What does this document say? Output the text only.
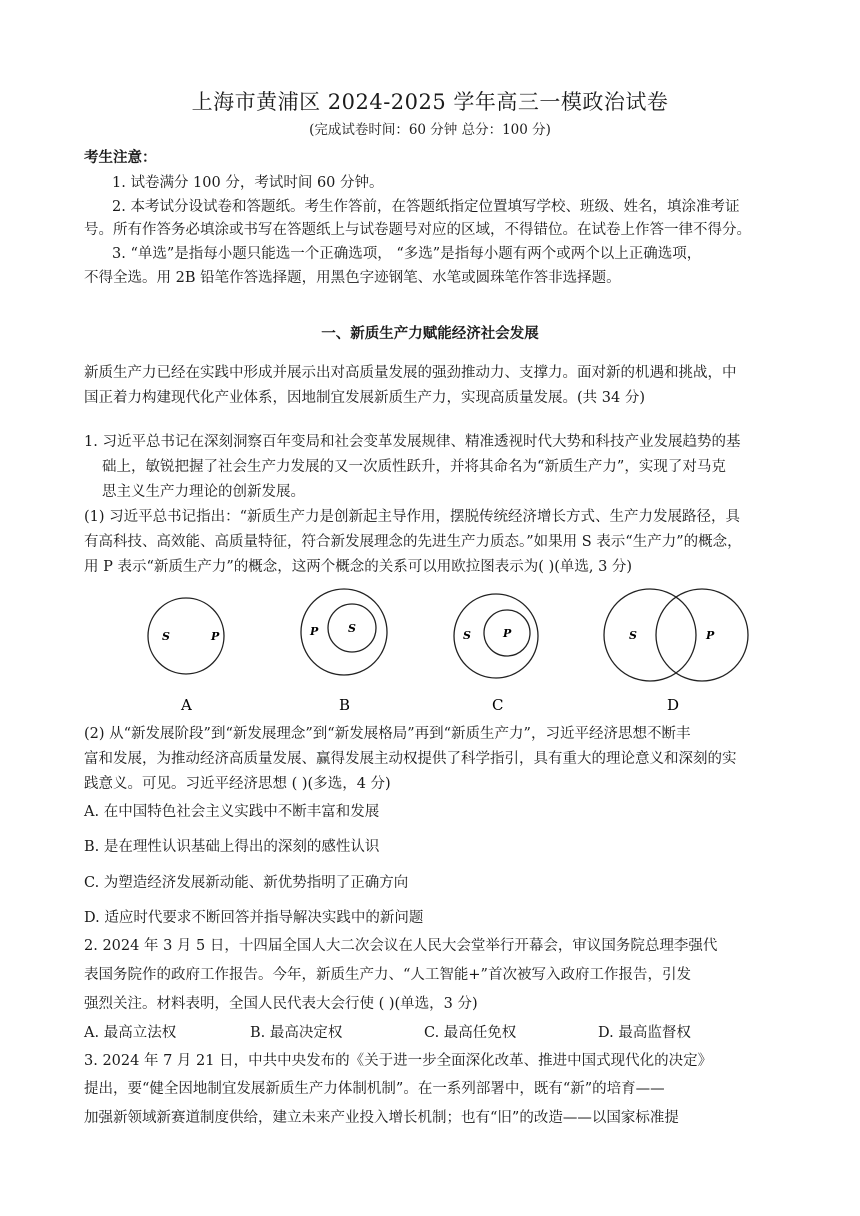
上海市黄浦区 2024-2025 学年高三一模政治试卷
(完成试卷时间：60 分钟 总分：100 分)
考生注意：
1. 试卷满分 100 分，考试时间 60 分钟。
2. 本考试分设试卷和答题纸。考生作答前，在答题纸指定位置填写学校、班级、姓名，填涂准考证
号。所有作答务必填涂或书写在答题纸上与试卷题号对应的区域，不得错位。在试卷上作答一律不得分。
3. “单选”是指每小题只能选一个正确选项， “多选”是指每小题有两个或两个以上正确选项，
不得全选。用 2B 铅笔作答选择题，用黑色字迹钢笔、水笔或圆珠笔作答非选择题。
一、新质生产力赋能经济社会发展
新质生产力已经在实践中形成并展示出对高质量发展的强劲推动力、支撑力。面对新的机遇和挑战，中
国正着力构建现代化产业体系，因地制宜发展新质生产力，实现高质量发展。(共 34 分)
1. 习近平总书记在深刻洞察百年变局和社会变革发展规律、精准透视时代大势和科技产业发展趋势的基
础上，敏锐把握了社会生产力发展的又一次质性跃升，并将其命名为“新质生产力”，实现了对马克
思主义生产力理论的创新发展。
(1) 习近平总书记指出：“新质生产力是创新起主导作用，摆脱传统经济增长方式、生产力发展路径，具
有高科技、高效能、高质量特征，符合新发展理念的先进生产力质态。”如果用 S 表示“生产力”的概念，
用 P 表示“新质生产力”的概念，这两个概念的关系可以用欧拉图表示为( )(单选, 3 分)
S	P
A
S
P
B
S	P
C
S	P
D
(2) 从“新发展阶段”到“新发展理念”到“新发展格局”再到“新质生产力”，习近平经济思想不断丰
富和发展，为推动经济高质量发展、赢得发展主动权提供了科学指引，具有重大的理论意义和深刻的实
践意义。可见。习近平经济思想 ( )(多选，4 分)
A. 在中国特色社会主义实践中不断丰富和发展
B. 是在理性认识基础上得出的深刻的感性认识
C. 为塑造经济发展新动能、新优势指明了正确方向
D. 适应时代要求不断回答并指导解决实践中的新问题
2. 2024 年 3 月 5 日，十四届全国人大二次会议在人民大会堂举行开幕会，审议国务院总理李强代
表国务院作的政府工作报告。今年，新质生产力、“人工智能+”首次被写入政府工作报告，引发
强烈关注。材料表明，全国人民代表大会行使 ( )(单选，3 分)
A. 最高立法权	B. 最高决定权	C. 最高任免权	D. 最高监督权
3. 2024 年 7 月 21 日，中共中央发布的《关于进一步全面深化改革、推进中国式现代化的决定》
提出，要“健全因地制宜发展新质生产力体制机制”。在一系列部署中，既有“新”的培育——
加强新领域新赛道制度供给，建立未来产业投入增长机制；也有“旧”的改造——以国家标准提
